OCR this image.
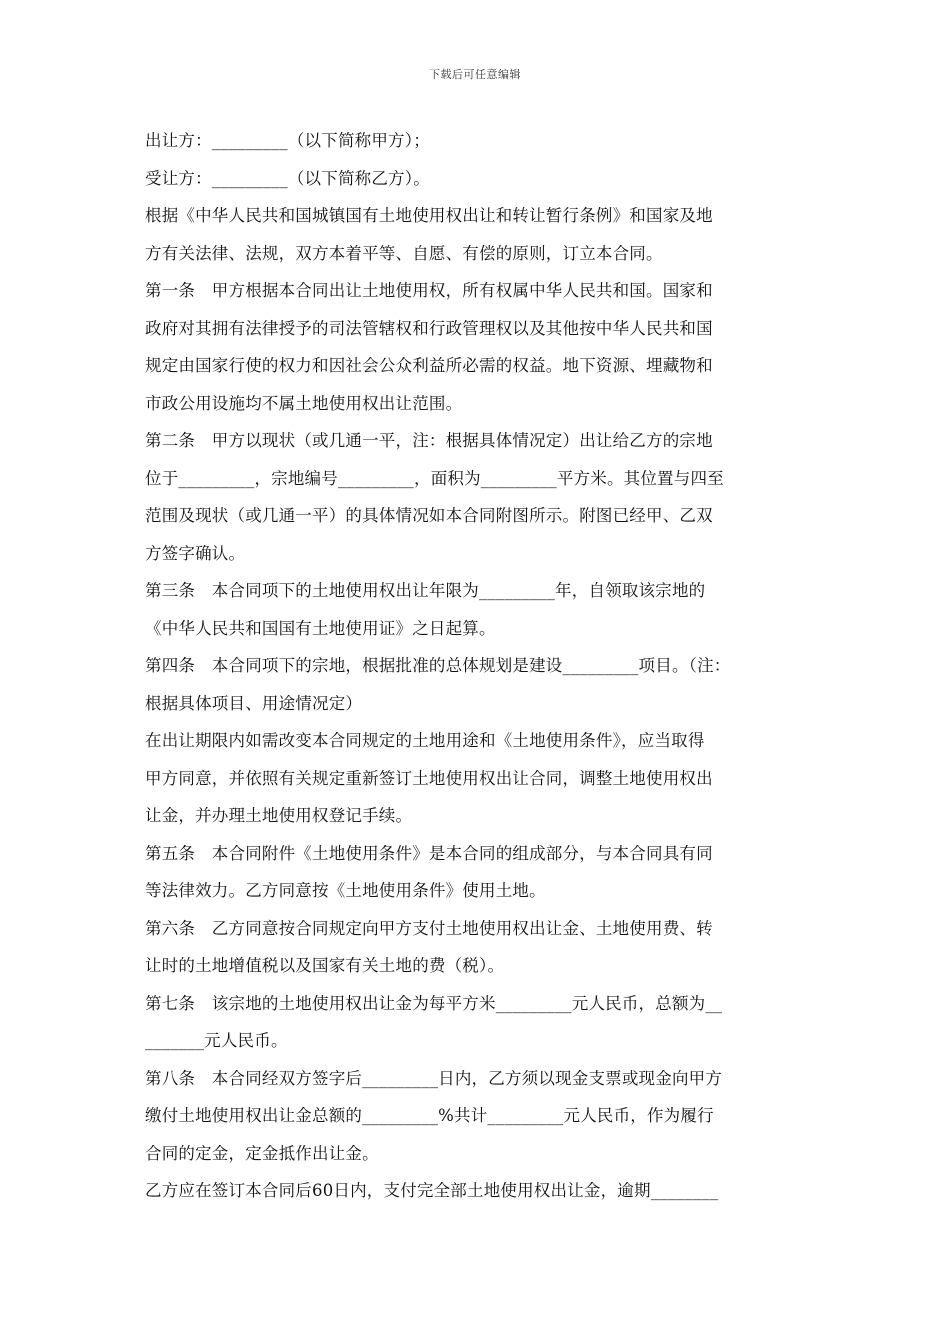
下载后可任意编辑
出让方：_________（以下简称甲方）；
受让方：_________（以下简称乙方）。
根据《中华人民共和国城镇国有土地使用权出让和转让暂行条例》和国家及地
方有关法律、法规，双方本着平等、自愿、有偿的原则，订立本合同。
第一条　甲方根据本合同出让土地使用权，所有权属中华人民共和国。国家和
政府对其拥有法律授予的司法管辖权和行政管理权以及其他按中华人民共和国
规定由国家行使的权力和因社会公众利益所必需的权益。地下资源、埋藏物和
市政公用设施均不属土地使用权出让范围。
第二条　甲方以现状（或几通一平，注：根据具体情况定）出让给乙方的宗地
位于_________，宗地编号_________，面积为_________平方米。其位置与四至
范围及现状（或几通一平）的具体情况如本合同附图所示。附图已经甲、乙双
方签字确认。
第三条　本合同项下的土地使用权出让年限为_________年，自领取该宗地的
《中华人民共和国国有土地使用证》之日起算。
第四条　本合同项下的宗地，根据批准的总体规划是建设_________项目。（注：
根据具体项目、用途情况定）
在出让期限内如需改变本合同规定的土地用途和《土地使用条件》，应当取得
甲方同意，并依照有关规定重新签订土地使用权出让合同，调整土地使用权出
让金，并办理土地使用权登记手续。
第五条　本合同附件《土地使用条件》是本合同的组成部分，与本合同具有同
等法律效力。乙方同意按《土地使用条件》使用土地。
第六条　乙方同意按合同规定向甲方支付土地使用权出让金、土地使用费、转
让时的土地增值税以及国家有关土地的费（税）。
第七条　该宗地的土地使用权出让金为每平方米_________元人民币，总额为__
_______元人民币。
第八条　本合同经双方签字后_________日内，乙方须以现金支票或现金向甲方
缴付土地使用权出让金总额的_________%共计_________元人民币，作为履行
合同的定金，定金抵作出让金。
乙方应在签订本合同后60日内，支付完全部土地使用权出让金，逾期________
